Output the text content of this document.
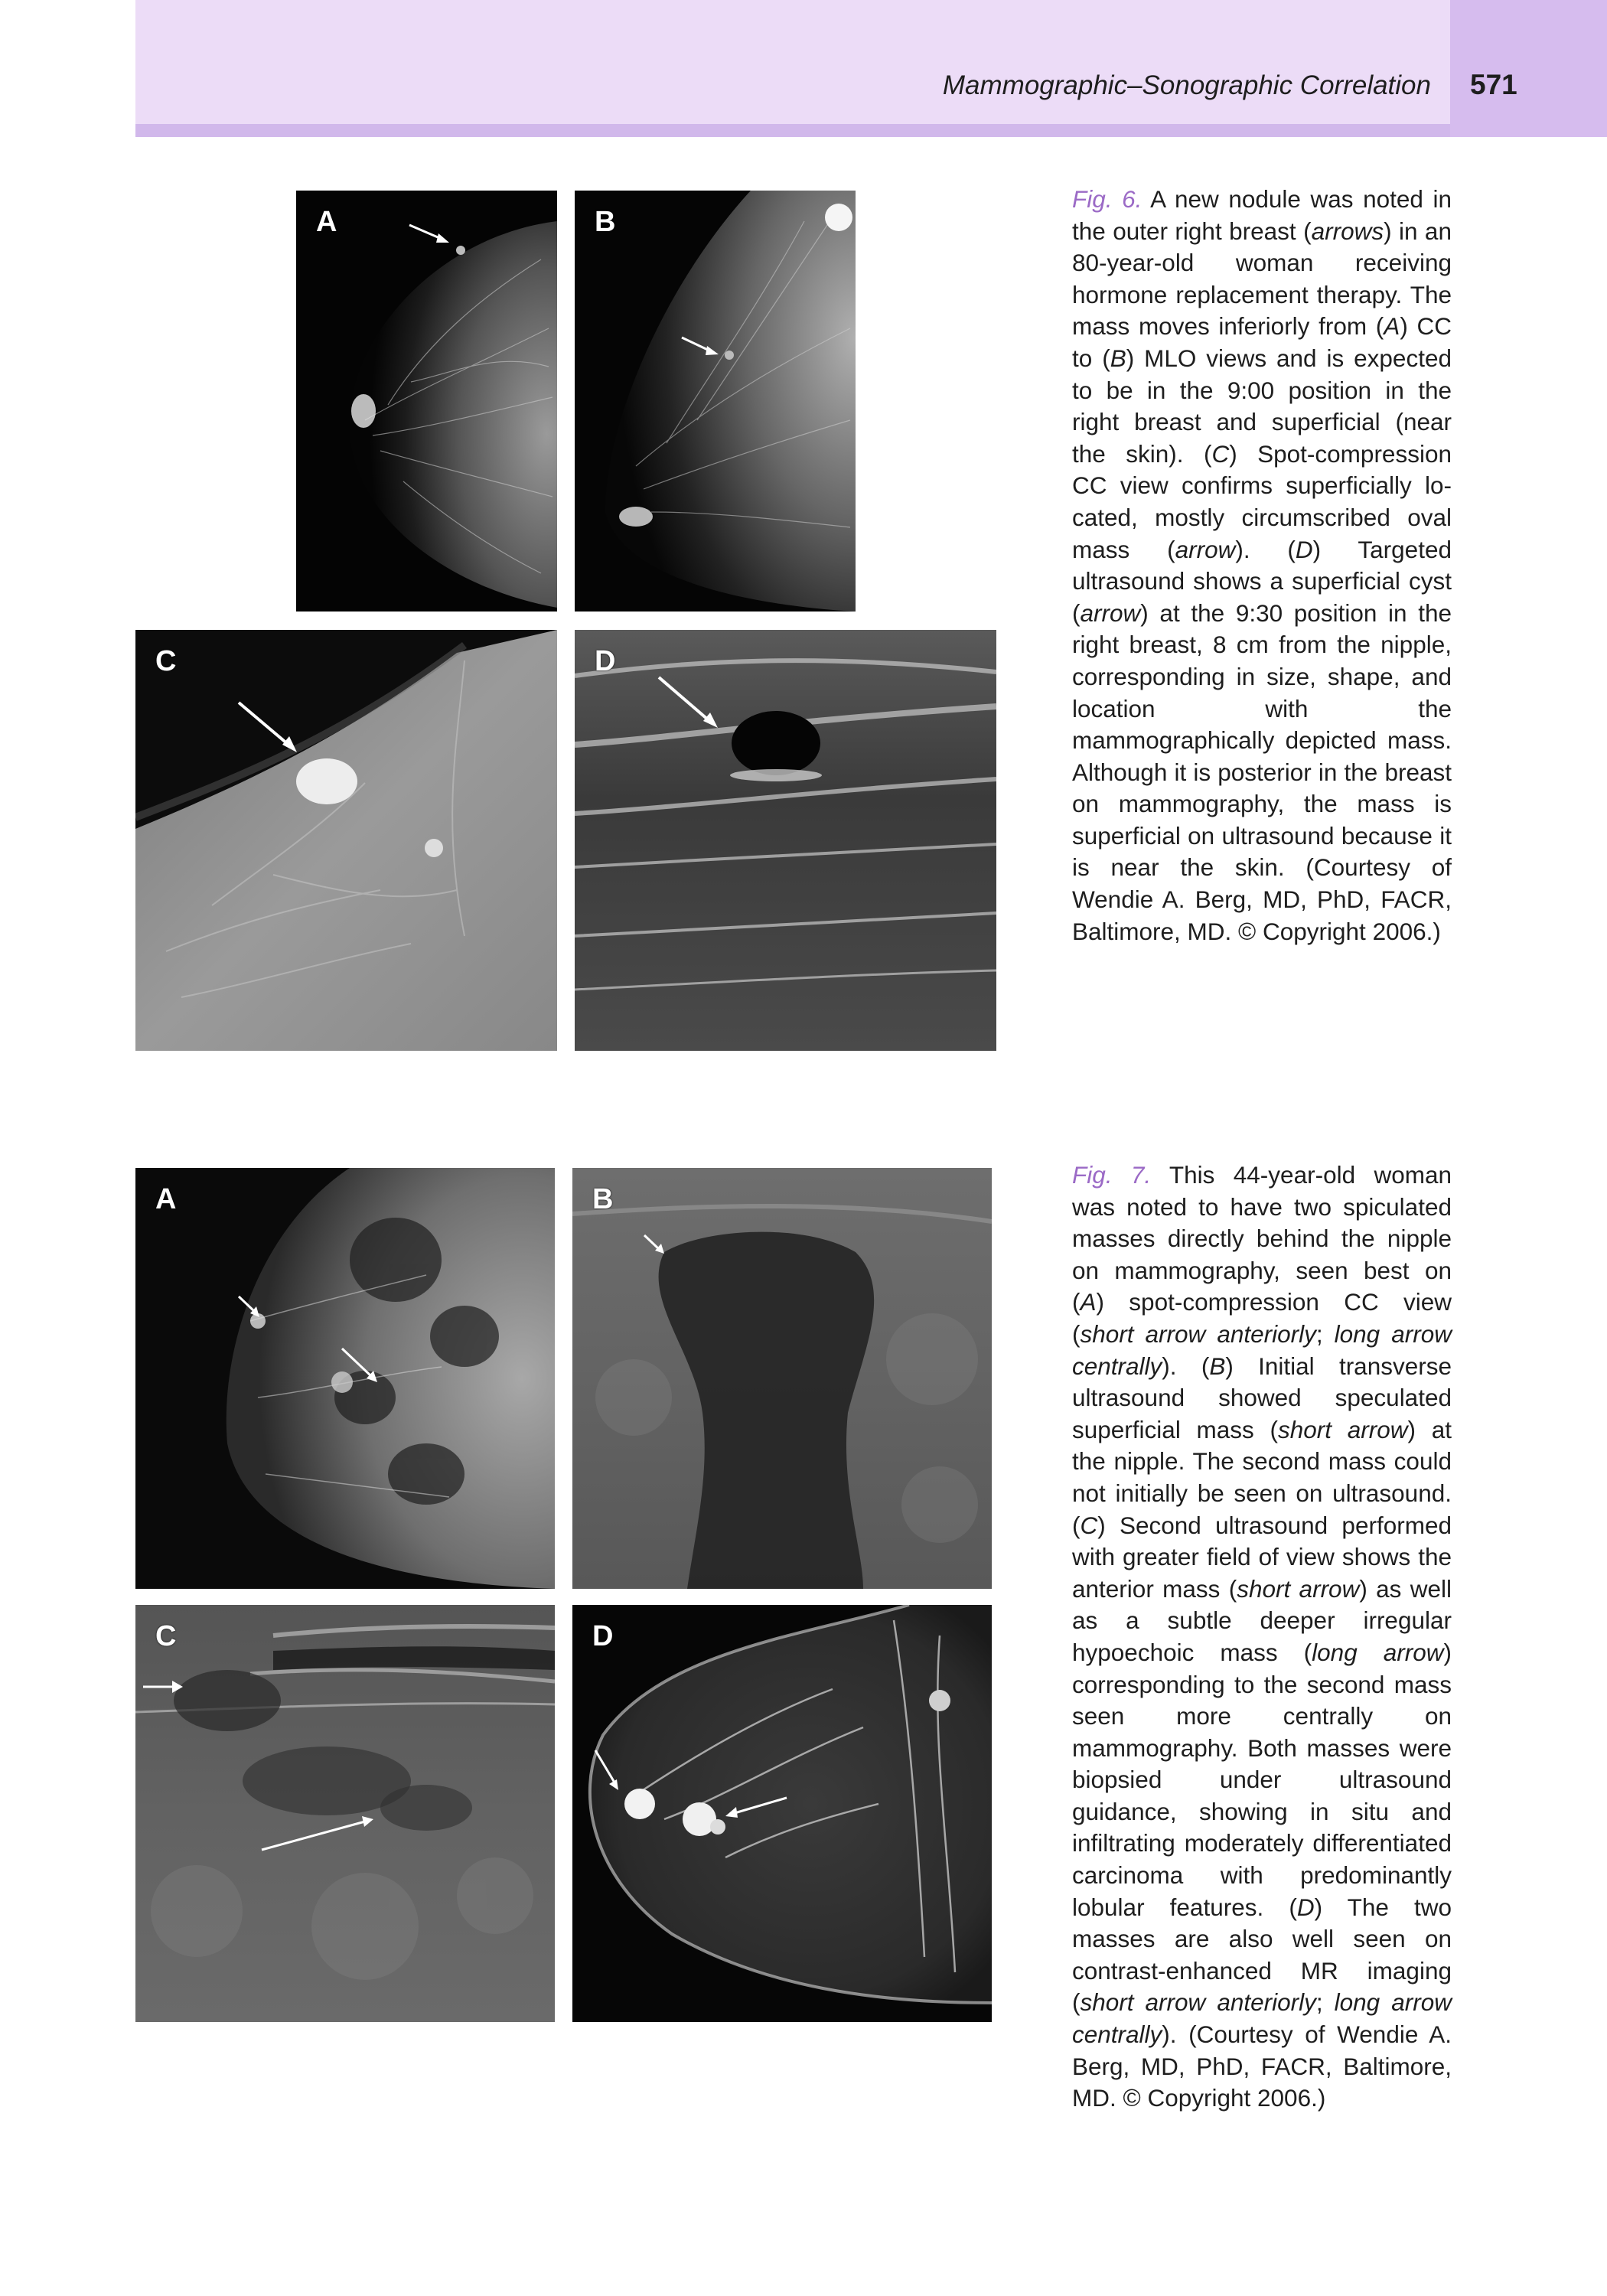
Mammographic–Sonographic Correlation	571
A	B
C	D
Fig. 6. A new nodule was noted in the outer right breast (arrows) in an 80-year-old woman receiving hormone replacement therapy. The mass moves inferiorly from (A) CC to (B) MLO views and is expected to be in the 9:00 position in the right breast and superficial (near the skin). (C) Spot-compression CC view confirms superficially located, mostly circumscribed oval mass (arrow). (D) Targeted ultrasound shows a superficial cyst (arrow) at the 9:30 position in the right breast, 8 cm from the nipple, corresponding in size, shape, and location with the mammographically depicted mass. Although it is posterior in the breast on mammography, the mass is superficial on ultrasound because it is near the skin. (Courtesy of Wendie A. Berg, MD, PhD, FACR, Baltimore, MD. © Copyright 2006.)
A	B
C	D
Fig. 7. This 44-year-old woman was noted to have two spiculated masses directly behind the nipple on mammography, seen best on (A) spot-compression CC view (short arrow anteriorly; long arrow centrally). (B) Initial transverse ultrasound showed speculated superficial mass (short arrow) at the nipple. The second mass could not initially be seen on ultrasound. (C) Second ultrasound performed with greater field of view shows the anterior mass (short arrow) as well as a subtle deeper irregular hypoechoic mass (long arrow) corresponding to the second mass seen more centrally on mammography. Both masses were biopsied under ultrasound guidance, showing in situ and infiltrating moderately differentiated carcinoma with predominantly lobular features. (D) The two masses are also well seen on contrast-enhanced MR imaging (short arrow anteriorly; long arrow centrally). (Courtesy of Wendie A. Berg, MD, PhD, FACR, Baltimore, MD. © Copyright 2006.)
